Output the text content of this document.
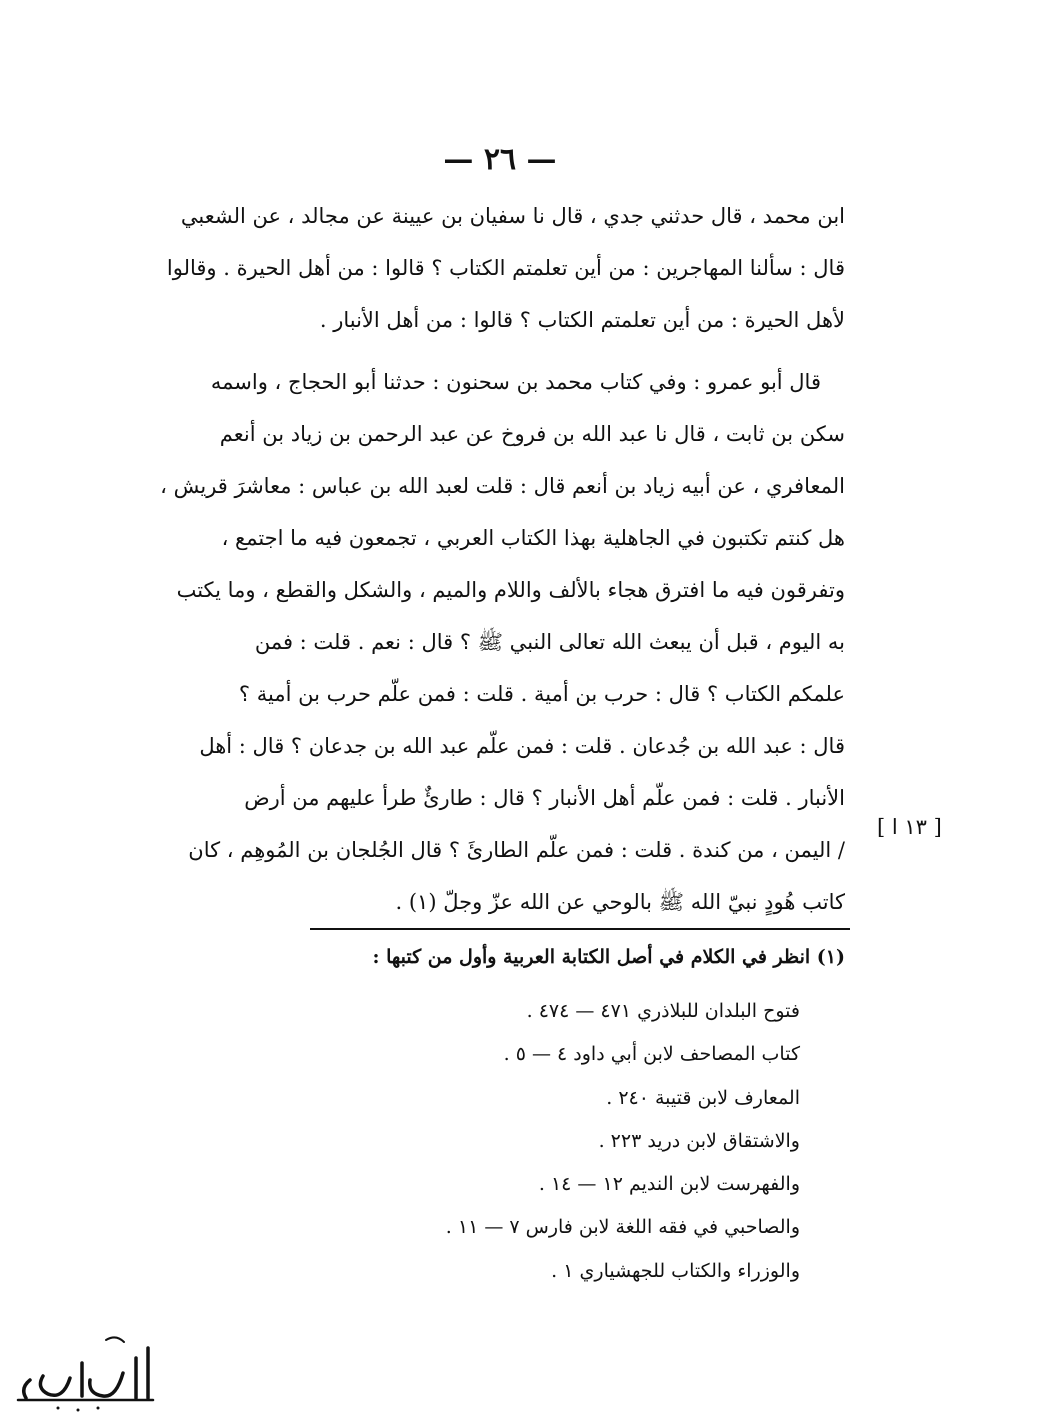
— ٢٦ —

ابن محمد ، قال حدثني جدي ، قال نا سفيان بن عيينة عن مجالد ، عن الشعبي

قال : سألنا المهاجرين : من أين تعلمتم الكتاب ؟ قالوا : من أهل الحيرة . وقالوا

لأهل الحيرة : من أين تعلمتم الكتاب ؟ قالوا : من أهل الأنبار .

قال أبو عمرو : وفي كتاب محمد بن سحنون : حدثنا أبو الحجاج ، واسمه

سكن بن ثابت ، قال نا عبد الله بن فروخ عن عبد الرحمن بن زياد بن أنعم

المعافري ، عن أبيه زياد بن أنعم قال : قلت لعبد الله بن عباس : معاشرَ قريش ،

هل كنتم تكتبون في الجاهلية بهذا الكتاب العربي ، تجمعون فيه ما اجتمع ،

وتفرقون فيه ما افترق هجاء بالألف واللام والميم ، والشكل والقطع ، وما يكتب

به اليوم ، قبل أن يبعث الله تعالى النبي ﷺ ؟ قال : نعم . قلت : فمن

علمكم الكتاب ؟ قال : حرب بن أمية . قلت : فمن علّم حرب بن أمية ؟

قال : عبد الله بن جُدعان . قلت : فمن علّم عبد الله بن جدعان ؟ قال : أهل

الأنبار . قلت : فمن علّم أهل الأنبار ؟ قال : طارئٌ طرأ عليهم من أرض

/ اليمن ، من كندة . قلت : فمن علّم الطارئَ ؟ قال الجُلجان بن المُوهِم ، كان

كاتب هُودٍ نبيّ الله ﷺ بالوحي عن الله عزّ وجلّ (١) .

[ ١٣ ا ]
(١) انظر في الكلام في أصل الكتابة العربية وأول من كتبها :
فتوح البلدان للبلاذري ٤٧١ — ٤٧٤ .
كتاب المصاحف لابن أبي داود ٤ — ٥ .
المعارف لابن قتيبة ٢٤٠ .
والاشتقاق لابن دريد ٢٢٣ .
والفهرست لابن النديم ١٢ — ١٤ .
والصاحبي في فقه اللغة لابن فارس ٧ — ١١ .
والوزراء والكتاب للجهشياري ١ .
